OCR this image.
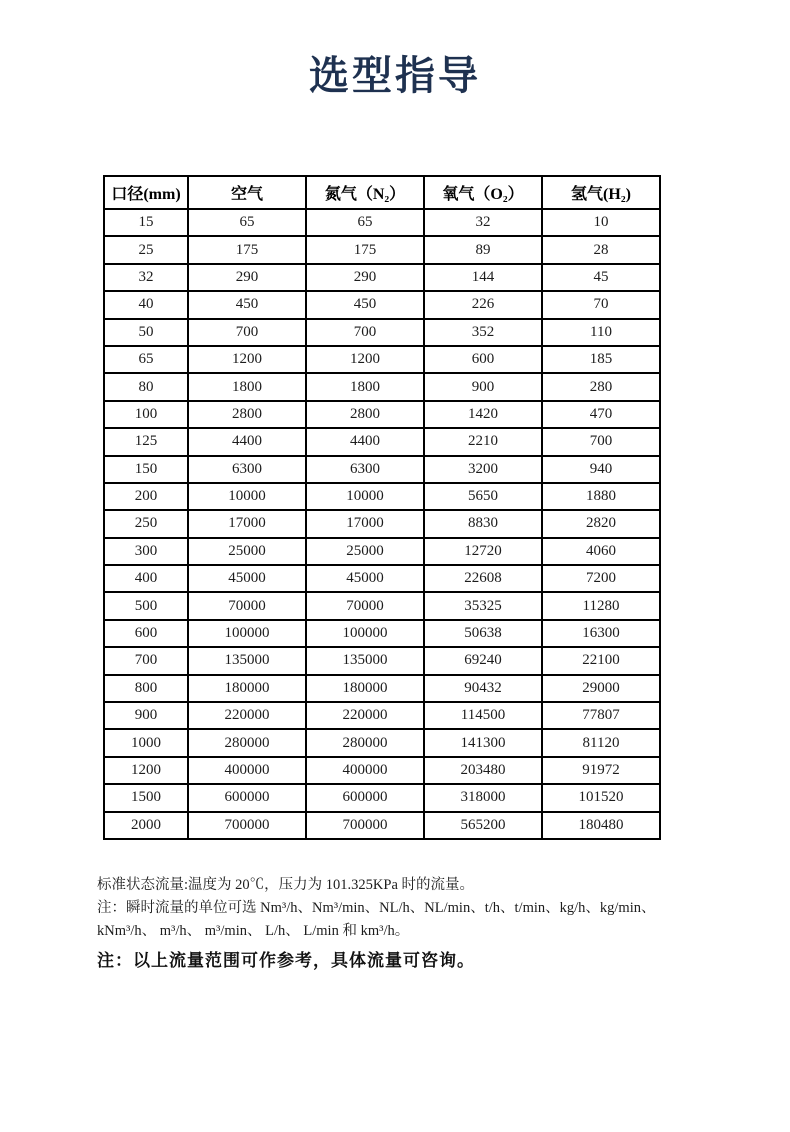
选型指导
口径(mm)	空气	氮气（N₂）	氧气（O₂）	氢气(H₂)
15	65	65	32	10
25	175	175	89	28
32	290	290	144	45
40	450	450	226	70
50	700	700	352	110
65	1200	1200	600	185
80	1800	1800	900	280
100	2800	2800	1420	470
125	4400	4400	2210	700
150	6300	6300	3200	940
200	10000	10000	5650	1880
250	17000	17000	8830	2820
300	25000	25000	12720	4060
400	45000	45000	22608	7200
500	70000	70000	35325	11280
600	100000	100000	50638	16300
700	135000	135000	69240	22100
800	180000	180000	90432	29000
900	220000	220000	114500	77807
1000	280000	280000	141300	81120
1200	400000	400000	203480	91972
1500	600000	600000	318000	101520
2000	700000	700000	565200	180480
标准状态流量:温度为 20℃，压力为 101.325KPa 时的流量。
注：瞬时流量的单位可选 Nm³/h、Nm³/min、NL/h、NL/min、t/h、t/min、kg/h、kg/min、
kNm³/h、 m³/h、 m³/min、 L/h、 L/min 和 km³/h。
注：以上流量范围可作参考，具体流量可咨询。
